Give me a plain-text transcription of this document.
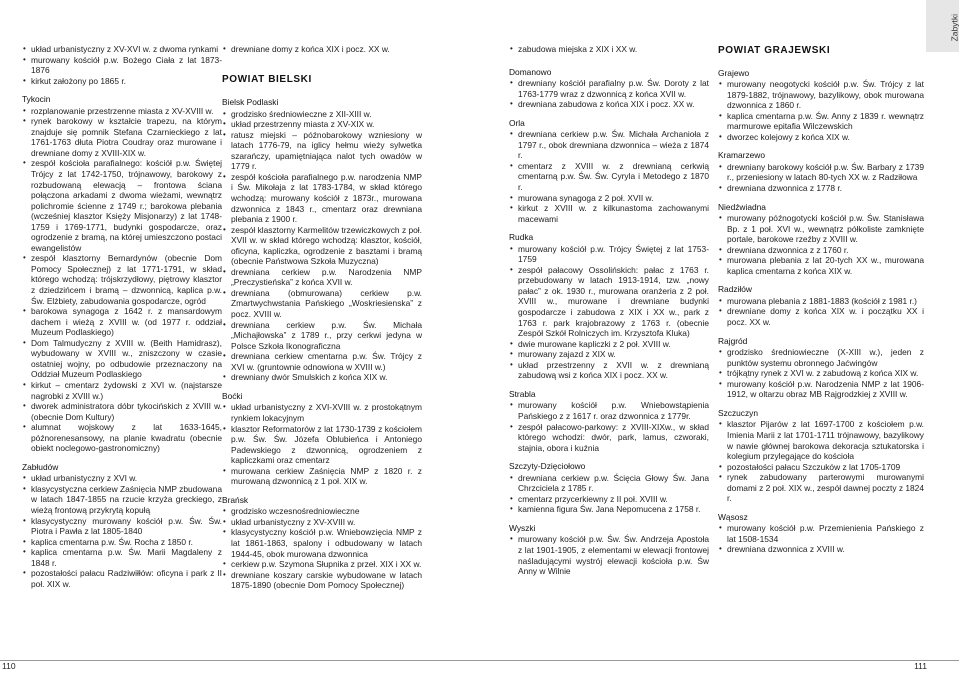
Zabytki
• układ urbanistyczny z XV-XVI w. z dwoma rynkami
• murowany kościół p.w. Bożego Ciała z lat 1873-1876
• kirkut założony po 1865 r.
Tykocin
• rozplanowanie przestrzenne miasta z XV-XVIII w.
• rynek barokowy w kształcie trapezu, na którym znajduje się pomnik Stefana Czarnieckiego z lat 1761-1763 dłuta Piotra Coudray oraz murowane i drewniane domy z XVIII-XIX w.
• zespół kościoła parafialnego: kościół p.w. Świętej Trójcy z lat 1742-1750, trójnawowy, barokowy z rozbudowaną elewacją – frontowa ściana połączona arkadami z dwoma wieżami, wewnątrz polichromie ścienne z 1749 r.; barokowa plebania (wcześniej klasztor Księży Misjonarzy) z lat 1748-1759 i 1769-1771, budynki gospodarcze, oraz ogrodzenie z bramą, na której umieszczono postaci ewangelistów
• zespół klasztorny Bernardynów (obecnie Dom Pomocy Społecznej) z lat 1771-1791, w skład którego wchodzą: trójskrzydłowy, piętrowy klasztor z dziedzińcem i bramą – dzwonnicą, kaplica p.w. Św. Elżbiety, zabudowania gospodarcze, ogród
• barokowa synagoga z 1642 r. z mansardowym dachem i wieżą z XVIII w. (od 1977 r. oddział Muzeum Podlaskiego)
• Dom Talmudyczny z XVIII w. (Beith Hamidrasz), wybudowany w XVIII w., zniszczony w czasie ostatniej wojny, po odbudowie przeznaczony na Oddział Muzeum Podlaskiego
• kirkut – cmentarz żydowski z XVI w. (najstarsze nagrobki z XVIII w.)
• dworek administratora dóbr tykocińskich z XVIII w. (obecnie Dom Kultury)
• alumnat wojskowy z lat 1633-1645, późnorenesansowy, na planie kwadratu (obecnie obiekt noclegowo-gastronomiczny)
Zabłudów
• układ urbanistyczny z XVI w.
• klasycystyczna cerkiew Zaśnięcia NMP zbudowana w latach 1847-1855 na rzucie krzyża greckiego, z wieżą frontową przykrytą kopułą
• klasycystyczny murowany kościół p.w. Św. Św. Piotra i Pawła z lat 1805-1840
• kaplica cmentarna p.w. Św. Rocha z 1850 r.
• kaplica cmentarna p.w. Św. Marii Magdaleny z 1848 r.
• pozostałości pałacu Radziwiłłów: oficyna i park z II poł. XIX w.
• drewniane domy z końca XIX i pocz. XX w.
POWIAT BIELSKI
Bielsk Podlaski
• grodzisko średniowieczne z XII-XIII w.
• układ przestrzenny miasta z XV-XIX w.
• ratusz miejski – późnobarokowy wzniesiony w latach 1776-79, na iglicy hełmu wieży sylwetka szarańczy, upamiętniająca nalot tych owadów w 1779 r.
• zespół kościoła parafialnego p.w. narodzenia NMP i Św. Mikołaja z lat 1783-1784, w skład którego wchodzą: murowany kościół z 1873r., murowana dzwonnica z 1843 r., cmentarz oraz drewniana plebania z 1900 r.
• zespół klasztorny Karmelitów trzewiczkowych z poł. XVII w. w skład którego wchodzą: klasztor, kościół, oficyna, kapliczka, ogrodzenie z basztami i bramą (obecnie Państwowa Szkoła Muzyczna)
• drewniana cerkiew p.w. Narodzenia NMP „Preczystieńska” z końca XVII w.
• drewniana (obmurowana) cerkiew p.w. Zmartwychwstania Pańskiego „Woskriesienska” z pocz. XVIII w.
• drewniana cerkiew p.w. Św. Michała „Michajłowska” z 1789 r., przy cerkwi jedyna w Polsce Szkoła Ikonograficzna
• drewniana cerkiew cmentarna p.w. Św. Trójcy z XVI w. (gruntownie odnowiona w XVIII w.)
• drewniany dwór Smulskich z końca XIX w.
Boćki
• układ urbanistyczny z XVI-XVIII w. z prostokątnym rynkiem lokacyjnym
• klasztor Reformatorów z lat 1730-1739 z kościołem p.w. Św. Św. Józefa Oblubieńca i Antoniego Padewskiego z dzwonnicą, ogrodzeniem z kapliczkami oraz cmentarz
• murowana cerkiew Zaśnięcia NMP z 1820 r. z murowaną dzwonnicą z 1 poł. XIX w.
Brańsk
• grodzisko wczesnośredniowieczne
• układ urbanistyczny z XV-XVIII w.
• klasycystyczny kościół p.w. Wniebowzięcia NMP z lat 1861-1863, spalony i odbudowany w latach 1944-45, obok murowana dzwonnica
• cerkiew p.w. Szymona Słupnika z przeł. XIX i XX w.
• drewniane koszary carskie wybudowane w latach 1875-1890 (obecnie Dom Pomocy Społecznej)
• zabudowa miejska z XIX i XX w.
Domanowo
• drewniany kościół parafialny p.w. Św. Doroty z lat 1763-1779 wraz z dzwonnicą z końca XVII w.
• drewniana zabudowa z końca XIX i pocz. XX w.
Orla
• drewniana cerkiew p.w. Św. Michała Archanioła z 1797 r., obok drewniana dzwonnica – wieża z 1874 r.
• cmentarz z XVIII w. z drewnianą cerkwią cmentarną p.w. Św. Św. Cyryla i Metodego z 1870 r.
• murowana synagoga z 2 poł. XVII w.
• kirkut z XVIII w. z kilkunastoma zachowanymi macewami
Rudka
• murowany kościół p.w. Trójcy Świętej z lat 1753-1759
• zespół pałacowy Ossolińskich: pałac z 1763 r. przebudowany w latach 1913-1914, tzw. „nowy pałac” z ok. 1930 r., murowana oranżeria z 2 poł. XVIII w., murowane i drewniane budynki gospodarcze i zabudowa z XIX i XX w., park z 1763 r. park krajobrazowy z 1763 r. (obecnie Zespół Szkół Rolniczych im. Krzysztofa Kluka)
• dwie murowane kapliczki z 2 poł. XVIII w.
• murowany zajazd z XIX w.
• układ przestrzenny z XVII w. z drewnianą zabudową wsi z końca XIX i pocz. XX w.
Strabla
• murowany kościół p.w. Wniebowstąpienia Pańskiego z z 1617 r. oraz dzwonnica z 1779r.
• zespół pałacowo-parkowy: z XVIII-XIXw., w skład którego wchodzi: dwór, park, lamus, czworaki, stajnia, obora i kuźnia
Szczyty-Dzięciołowo
• drewniana cerkiew p.w. Ścięcia Głowy Św. Jana Chrzciciela z 1785 r.
• cmentarz przycerkiewny z II poł. XVIII w.
• kamienna figura Św. Jana Nepomucena z 1758 r.
Wyszki
• murowany kościół p.w. Św. Św. Andrzeja Apostoła z lat 1901-1905, z elementami w elewacji frontowej naśladującymi wystrój elewacji kościoła p.w. Św Anny w Wilnie
POWIAT GRAJEWSKI
Grajewo
• murowany neogotycki kościół p.w. Św. Trójcy z lat 1879-1882, trójnawowy, bazylikowy, obok murowana dzwonnica z 1860 r.
• kaplica cmentarna p.w. Św. Anny z 1839 r. wewnątrz marmurowe epitafia Wilczewskich
• dworzec kolejowy z końca XIX w.
Kramarzewo
• drewniany barokowy kościół p.w. Św. Barbary z 1739 r., przeniesiony w latach 80-tych XX w. z Radziłowa
• drewniana dzwonnica z 1778 r.
Niedźwiadna
• murowany późnogotycki kościół p.w. Św. Stanisława Bp. z 1 poł. XVI w., wewnątrz półkoliste zamknięte portale, barokowe rzeźby z XVIII w.
• drewniana dzwonnica z z 1760 r.
• murowana plebania z lat 20-tych XX w., murowana kaplica cmentarna z końca XIX w.
Radziłów
• murowana plebania z 1881-1883 (kościół z 1981 r.)
• drewniane domy z końca XIX w. i początku XX i pocz. XX w.
Rajgród
• grodzisko średniowieczne (X-XIII w.), jeden z punktów systemu obronnego Jaćwingów
• trójkątny rynek z XVI w. z zabudową z końca XIX w.
• murowany kościół p.w. Narodzenia NMP z lat 1906-1912, w oltarzu obraz MB Rajgrodzkiej z XVIII w.
Szczuczyn
• klasztor Pijarów z lat 1697-1700 z kościołem p.w. Imienia Marii z lat 1701-1711 trójnawowy, bazylikowy w nawie głównej barokowa dekoracja sztukatorska i kolegium przylegające do kościoła
• pozostałości pałacu Szczuków z lat 1705-1709
• rynek zabudowany parterowymi murowanymi domami z 2 poł. XIX w., zespół dawnej poczty z 1824 r.
Wąsosz
• murowany kościół p.w. Przemienienia Pańskiego z lat 1508-1534
• drewniana dzwonnica z XVIII w.
110	111
